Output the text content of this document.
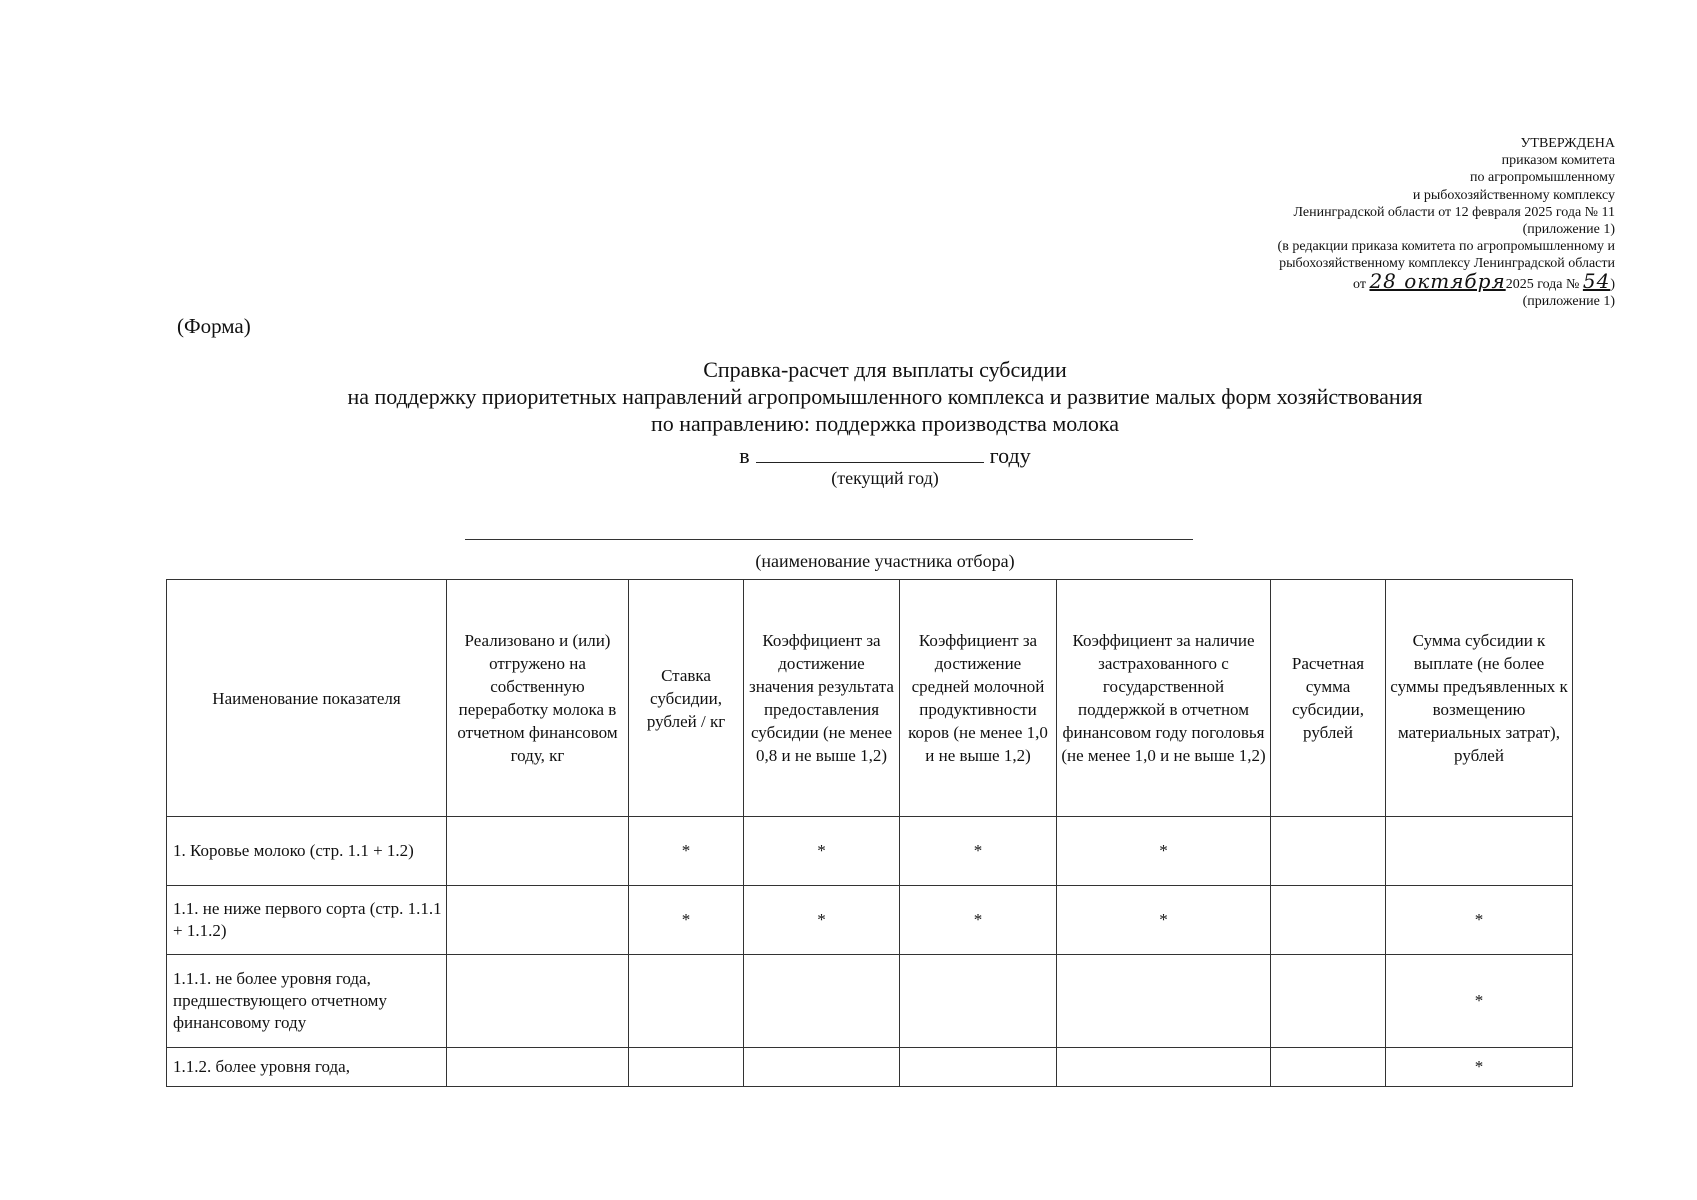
УТВЕРЖДЕНА
приказом комитета
по агропромышленному
и рыбохозяйственному комплексу
Ленинградской области от 12 февраля 2025 года № 11
(приложение 1)
(в редакции приказа комитета по агропромышленному и
рыбохозяйственному комплексу Ленинградской области
от 28 октября2025 года № 54)
(приложение 1)
(Форма)
Справка-расчет для выплаты субсидии
на поддержку приоритетных направлений агропромышленного комплекса и развитие малых форм хозяйствования
по направлению: поддержка производства молока
в	году
(текущий год)
(наименование участника отбора)
Наименование показателя	Реализовано и (или) отгружено на собственную переработку молока в отчетном финансовом году, кг	Ставка субсидии, рублей / кг	Коэффициент за достижение значения результата предоставления субсидии (не менее 0,8 и не выше 1,2)	Коэффициент за достижение средней молочной продуктивности коров (не менее 1,0 и не выше 1,2)	Коэффициент за наличие застрахованного с государственной поддержкой в отчетном финансовом году поголовья (не менее 1,0 и не выше 1,2)	Расчетная сумма субсидии, рублей	Сумма субсидии к выплате (не более суммы предъявленных к возмещению материальных затрат), рублей
1. Коровье молоко (стр. 1.1 + 1.2)		*	*	*	*		
1.1. не ниже первого сорта (стр. 1.1.1 + 1.1.2)		*	*	*	*		*
1.1.1. не более уровня года, предшествующего отчетному финансовому году							*
1.1.2. более уровня года,							*
